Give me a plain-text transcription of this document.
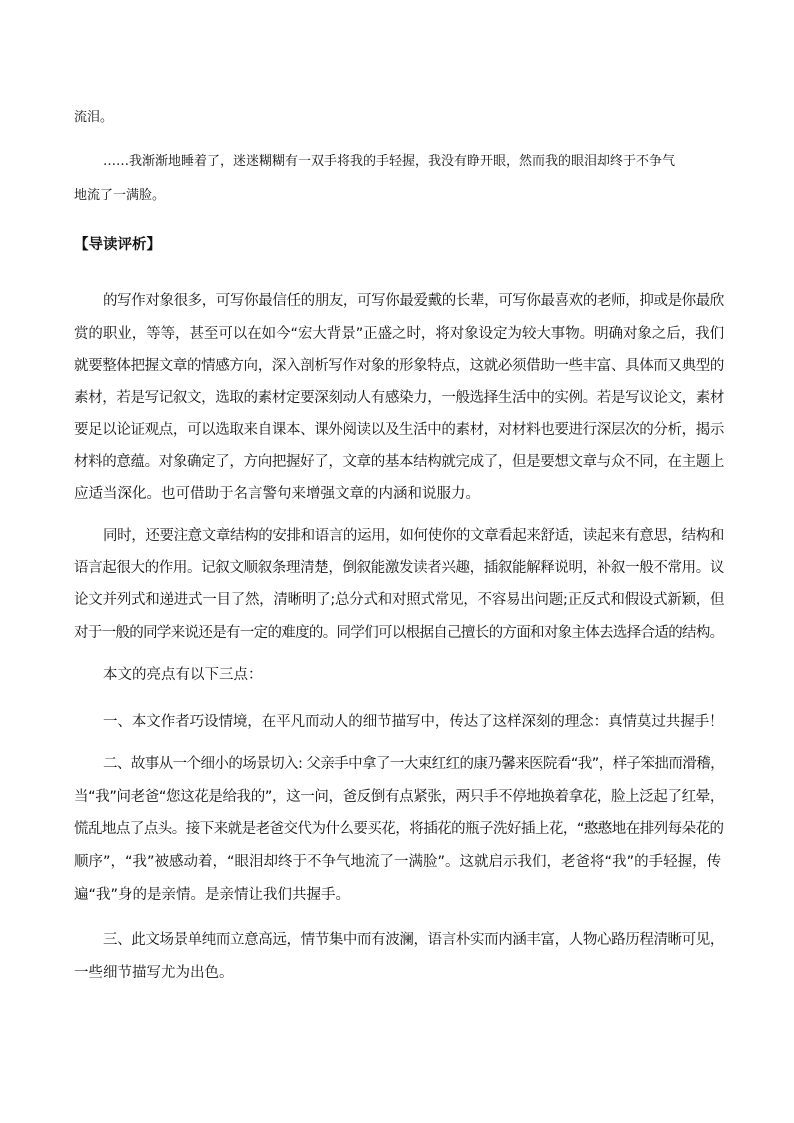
流泪。
……我渐渐地睡着了，迷迷糊糊有一双手将我的手轻握，我没有睁开眼，然而我的眼泪却终于不争气
地流了一满脸。
【导读评析】
的写作对象很多，可写你最信任的朋友，可写你最爱戴的长辈，可写你最喜欢的老师，抑或是你最欣
赏的职业，等等，甚至可以在如今“宏大背景”正盛之时，将对象设定为较大事物。明确对象之后，我们
就要整体把握文章的情感方向，深入剖析写作对象的形象特点，这就必须借助一些丰富、具体而又典型的
素材，若是写记叙文，选取的素材定要深刻动人有感染力，一般选择生活中的实例。若是写议论文，素材
要足以论证观点，可以选取来自课本、课外阅读以及生活中的素材，对材料也要进行深层次的分析，揭示
材料的意蕴。对象确定了，方向把握好了，文章的基本结构就完成了，但是要想文章与众不同，在主题上
应适当深化。也可借助于名言警句来增强文章的内涵和说服力。
同时，还要注意文章结构的安排和语言的运用，如何使你的文章看起来舒适，读起来有意思，结构和
语言起很大的作用。记叙文顺叙条理清楚，倒叙能激发读者兴趣，插叙能解释说明，补叙一般不常用。议
论文并列式和递进式一目了然，清晰明了;总分式和对照式常见，不容易出问题;正反式和假设式新颖，但
对于一般的同学来说还是有一定的难度的。同学们可以根据自己擅长的方面和对象主体去选择合适的结构。
本文的亮点有以下三点：
一、本文作者巧设情境，在平凡而动人的细节描写中，传达了这样深刻的理念：真情莫过共握手！
二、故事从一个细小的场景切入: 父亲手中拿了一大束红红的康乃馨来医院看“我”，样子笨拙而滑稽，
当“我”问老爸“您这花是给我的”，这一问，爸反倒有点紧张，两只手不停地换着拿花，脸上泛起了红晕，
慌乱地点了点头。接下来就是老爸交代为什么要买花，将插花的瓶子洗好插上花，“憨憨地在排列每朵花的
顺序”，“我”被感动着，“眼泪却终于不争气地流了一满脸”。这就启示我们，老爸将“我”的手轻握，传
遍“我”身的是亲情。是亲情让我们共握手。
三、此文场景单纯而立意高远，情节集中而有波澜，语言朴实而内涵丰富，人物心路历程清晰可见，
一些细节描写尤为出色。
